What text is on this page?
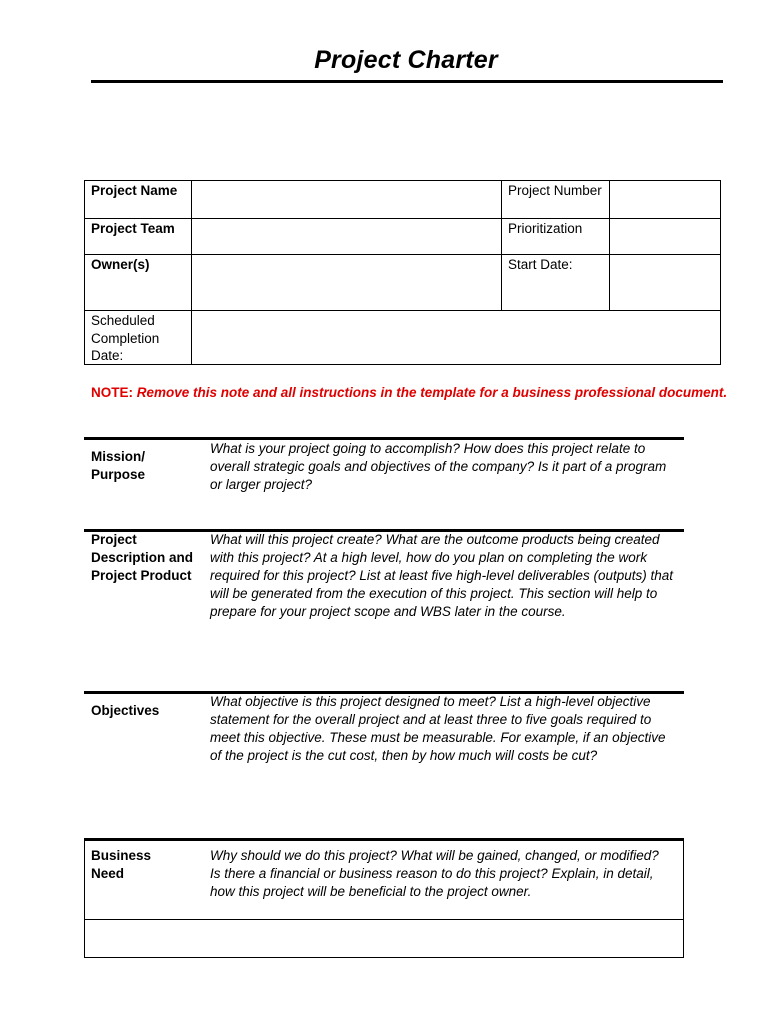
Project Charter
Project Name	Project Number
Project Team	Prioritization
Owner(s)	Start Date:
Scheduled Completion Date:
NOTE: Remove this note and all instructions in the template for a business professional document.
Mission/ Purpose
What is your project going to accomplish? How does this project relate to overall strategic goals and objectives of the company? Is it part of a program or larger project?
Project Description and Project Product
What will this project create? What are the outcome products being created with this project? At a high level, how do you plan on completing the work required for this project? List at least five high-level deliverables (outputs) that will be generated from the execution of this project. This section will help to prepare for your project scope and WBS later in the course.
Objectives
What objective is this project designed to meet? List a high-level objective statement for the overall project and at least three to five goals required to meet this objective. These must be measurable. For example, if an objective of the project is the cut cost, then by how much will costs be cut?
Business Need
Why should we do this project? What will be gained, changed, or modified? Is there a financial or business reason to do this project? Explain, in detail, how this project will be beneficial to the project owner.
